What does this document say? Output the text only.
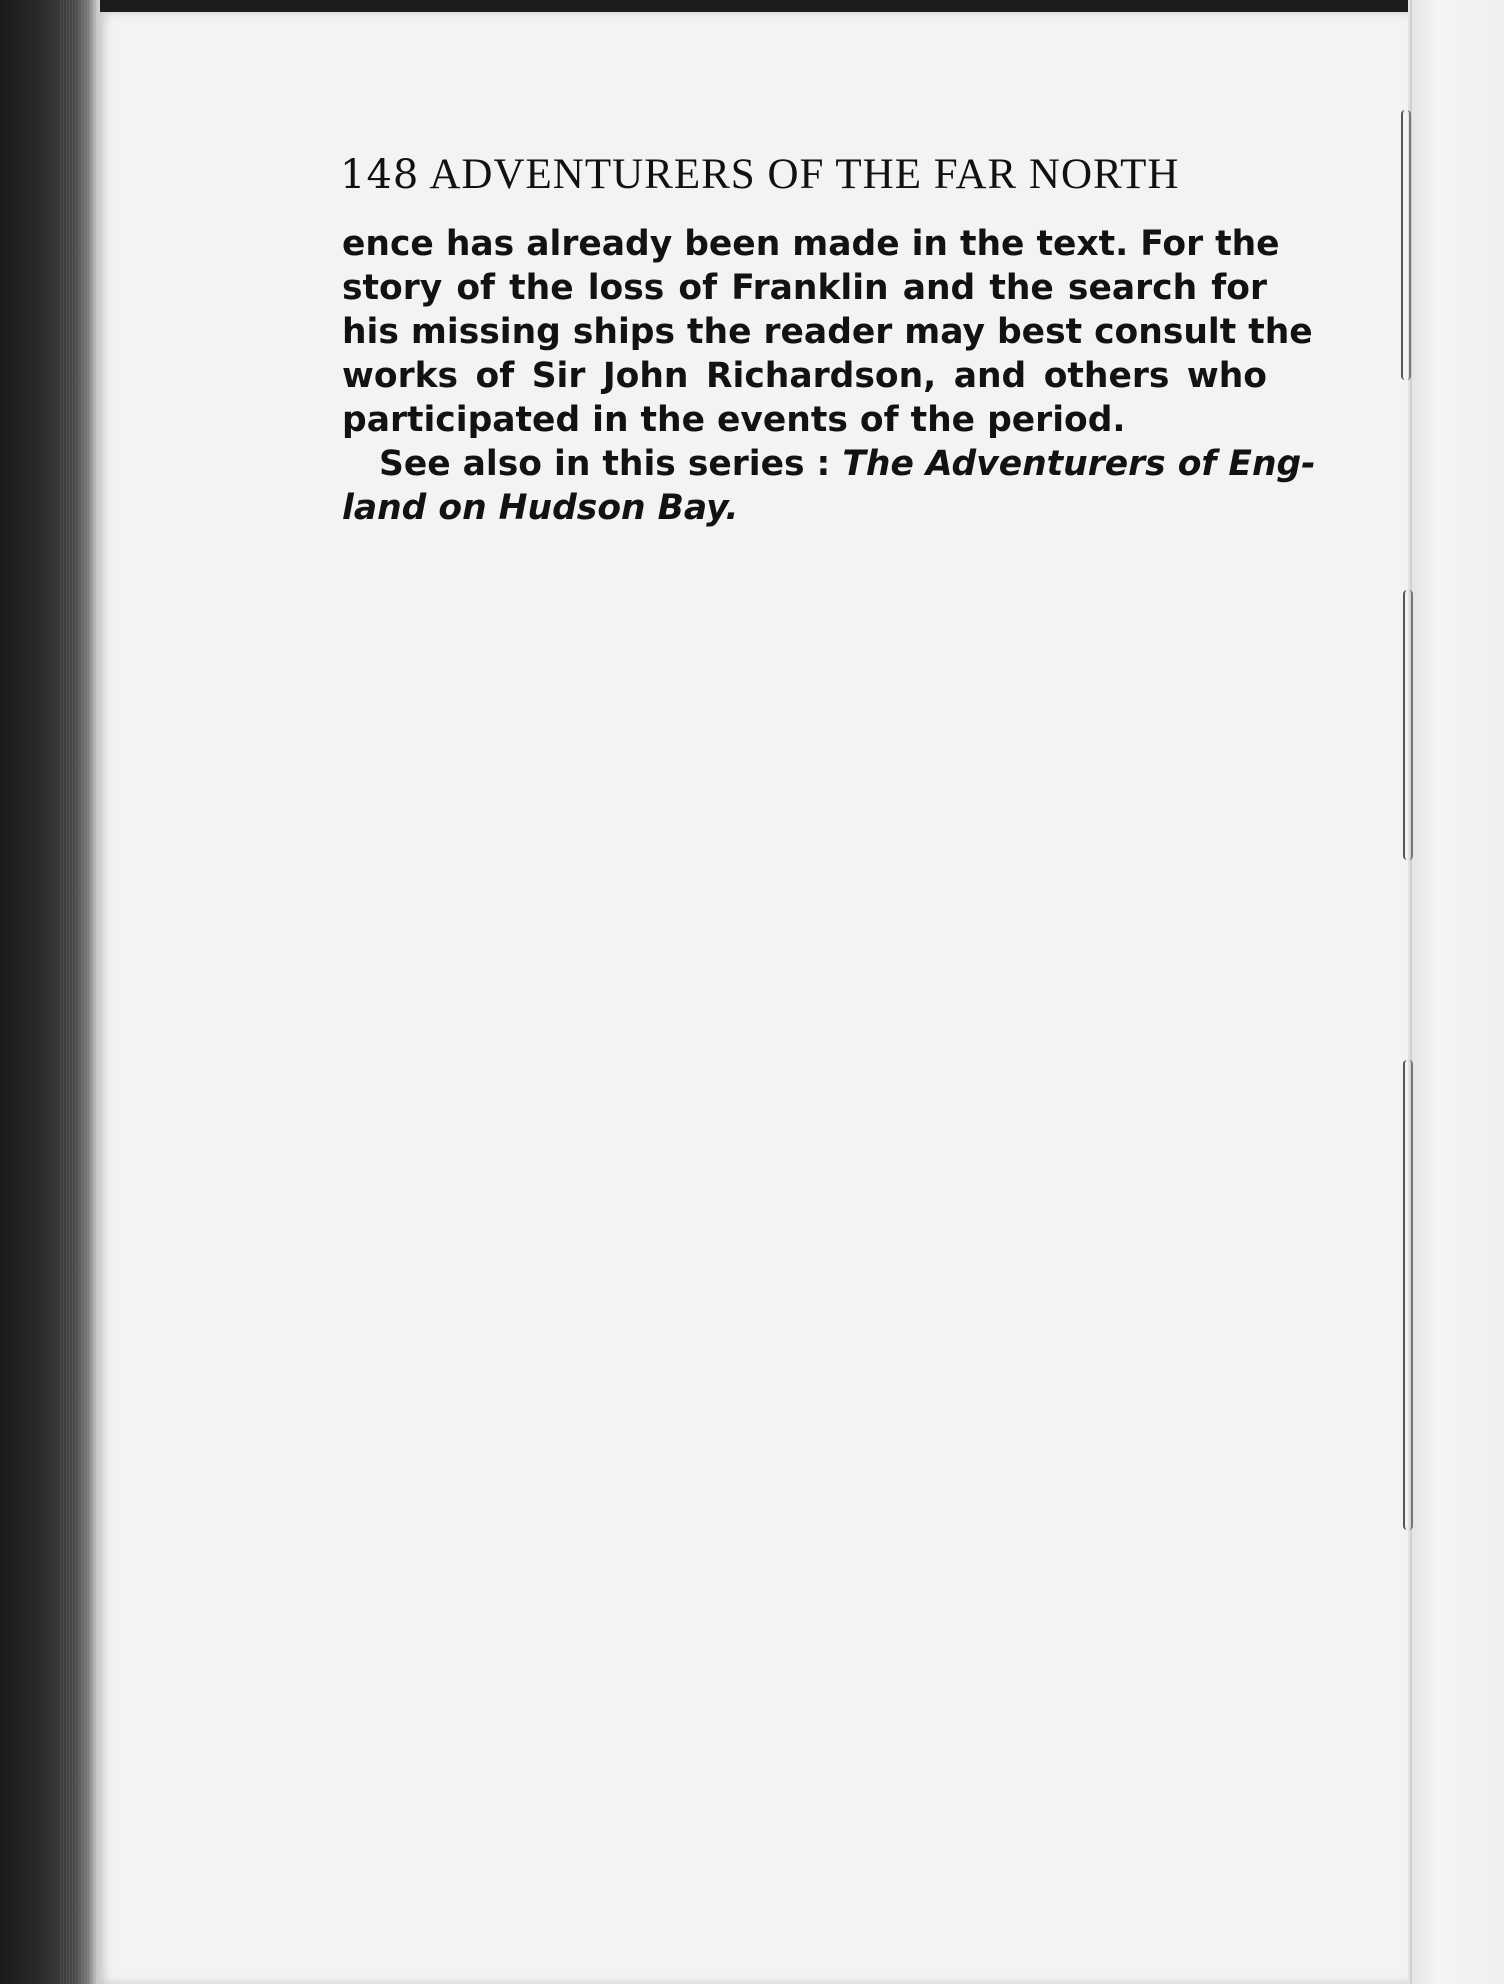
148 ADVENTURERS OF THE FAR NORTH
ence has already been made in the text. For the
story of the loss of Franklin and the search for
his missing ships the reader may best consult the
works of Sir John Richardson, and others who
participated in the events of the period.
See also in this series : The Adventurers of Eng-
land on Hudson Bay.
